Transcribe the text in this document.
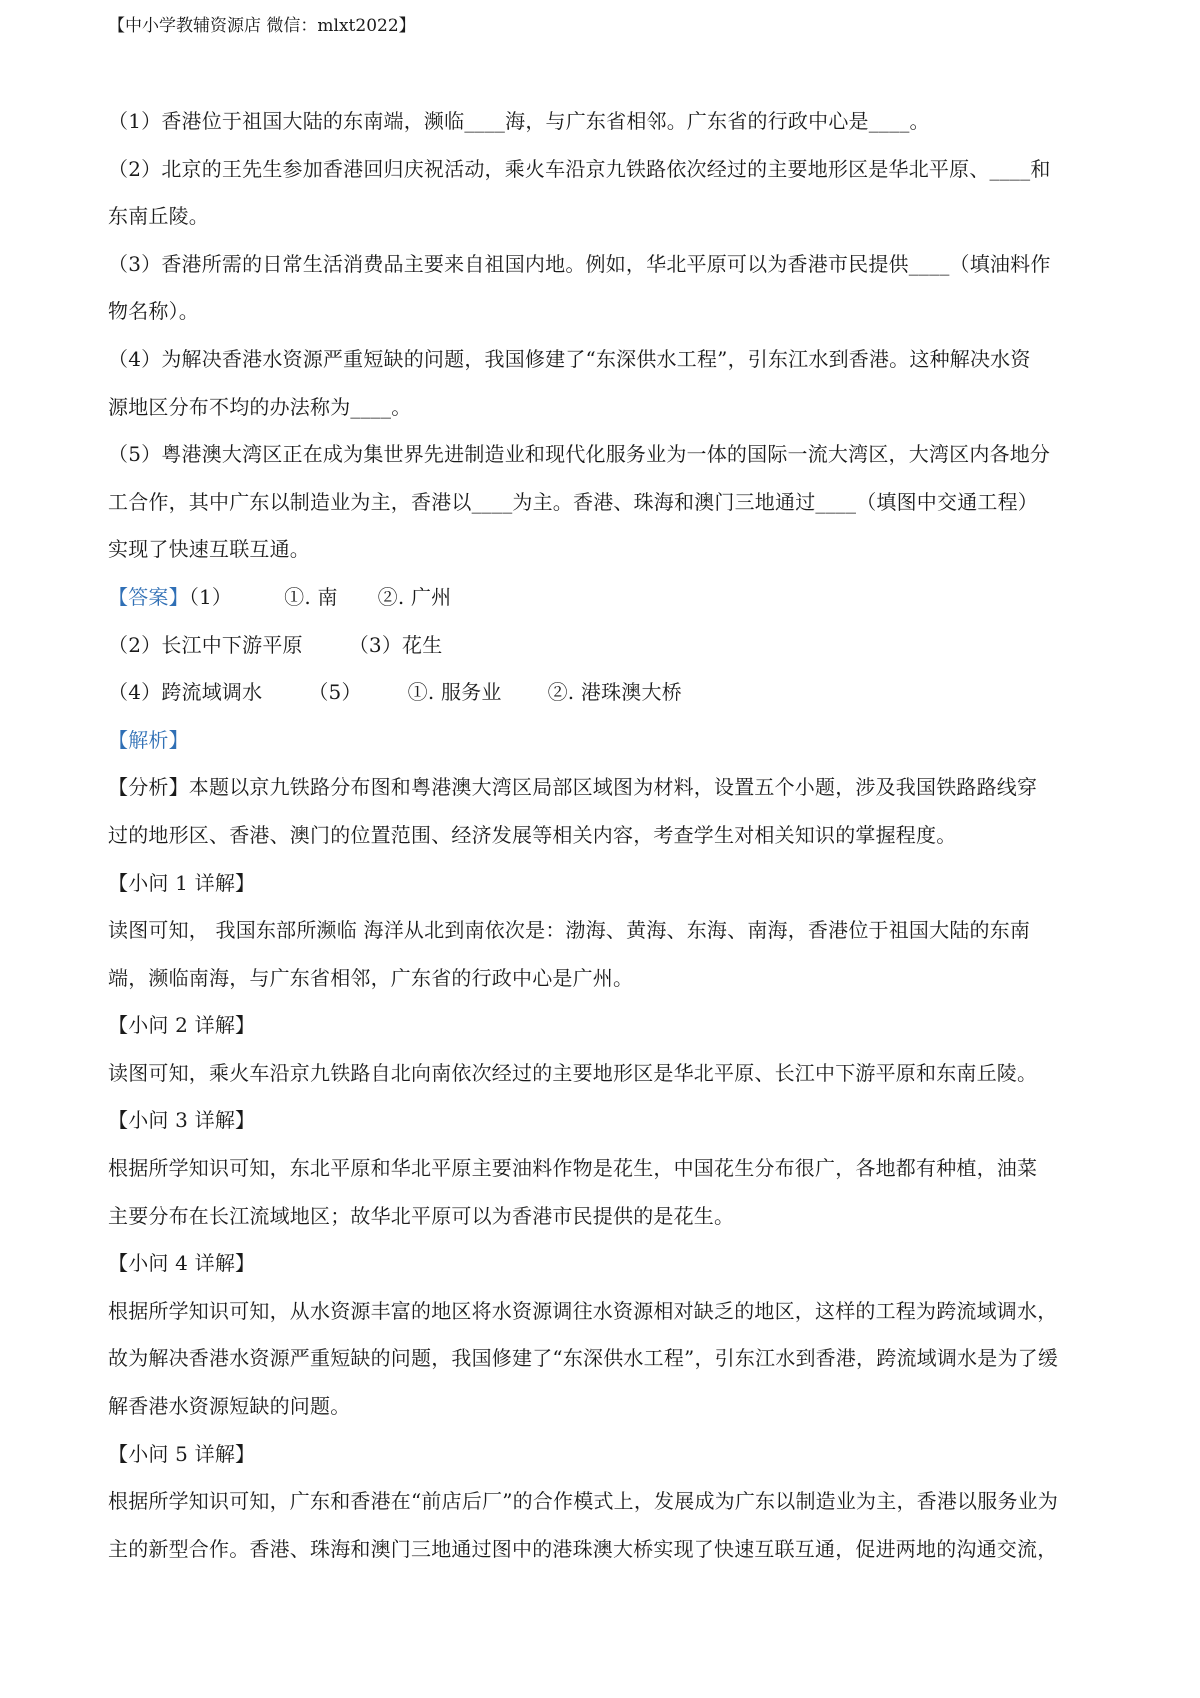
【中小学教辅资源店 微信：mlxt2022】
（1）香港位于祖国大陆的东南端，濒临____海，与广东省相邻。广东省的行政中心是____。
（2）北京的王先生参加香港回归庆祝活动，乘火车沿京九铁路依次经过的主要地形区是华北平原、____和
东南丘陵。
（3）香港所需的日常生活消费品主要来自祖国内地。例如，华北平原可以为香港市民提供____（填油料作
物名称）。
（4）为解决香港水资源严重短缺的问题，我国修建了“东深供水工程”，引东江水到香港。这种解决水资
源地区分布不均的办法称为____。
（5）粤港澳大湾区正在成为集世界先进制造业和现代化服务业为一体的国际一流大湾区，大湾区内各地分
工合作，其中广东以制造业为主，香港以____为主。香港、珠海和澳门三地通过____（填图中交通工程）
实现了快速互联互通。
【答案】（1）	①. 南 ②. 广州
（2）长江中下游平原 （3）花生
（4）跨流域调水 （5） ①. 服务业 ②. 港珠澳大桥
【解析】
【分析】本题以京九铁路分布图和粤港澳大湾区局部区域图为材料，设置五个小题，涉及我国铁路路线穿
过的地形区、香港、澳门的位置范围、经济发展等相关内容，考查学生对相关知识的掌握程度。
【小问 1 详解】
读图可知， 我国东部所濒临 海洋从北到南依次是：渤海、黄海、东海、南海，香港位于祖国大陆的东南
端，濒临南海，与广东省相邻，广东省的行政中心是广州。
【小问 2 详解】
读图可知，乘火车沿京九铁路自北向南依次经过的主要地形区是华北平原、长江中下游平原和东南丘陵。
【小问 3 详解】
根据所学知识可知，东北平原和华北平原主要油料作物是花生，中国花生分布很广，各地都有种植，油菜
主要分布在长江流域地区；故华北平原可以为香港市民提供的是花生。
【小问 4 详解】
根据所学知识可知，从水资源丰富的地区将水资源调往水资源相对缺乏的地区，这样的工程为跨流域调水，
故为解决香港水资源严重短缺的问题，我国修建了“东深供水工程”，引东江水到香港，跨流域调水是为了缓
解香港水资源短缺的问题。
【小问 5 详解】
根据所学知识可知，广东和香港在“前店后厂”的合作模式上，发展成为广东以制造业为主，香港以服务业为
主的新型合作。香港、珠海和澳门三地通过图中的港珠澳大桥实现了快速互联互通，促进两地的沟通交流，
